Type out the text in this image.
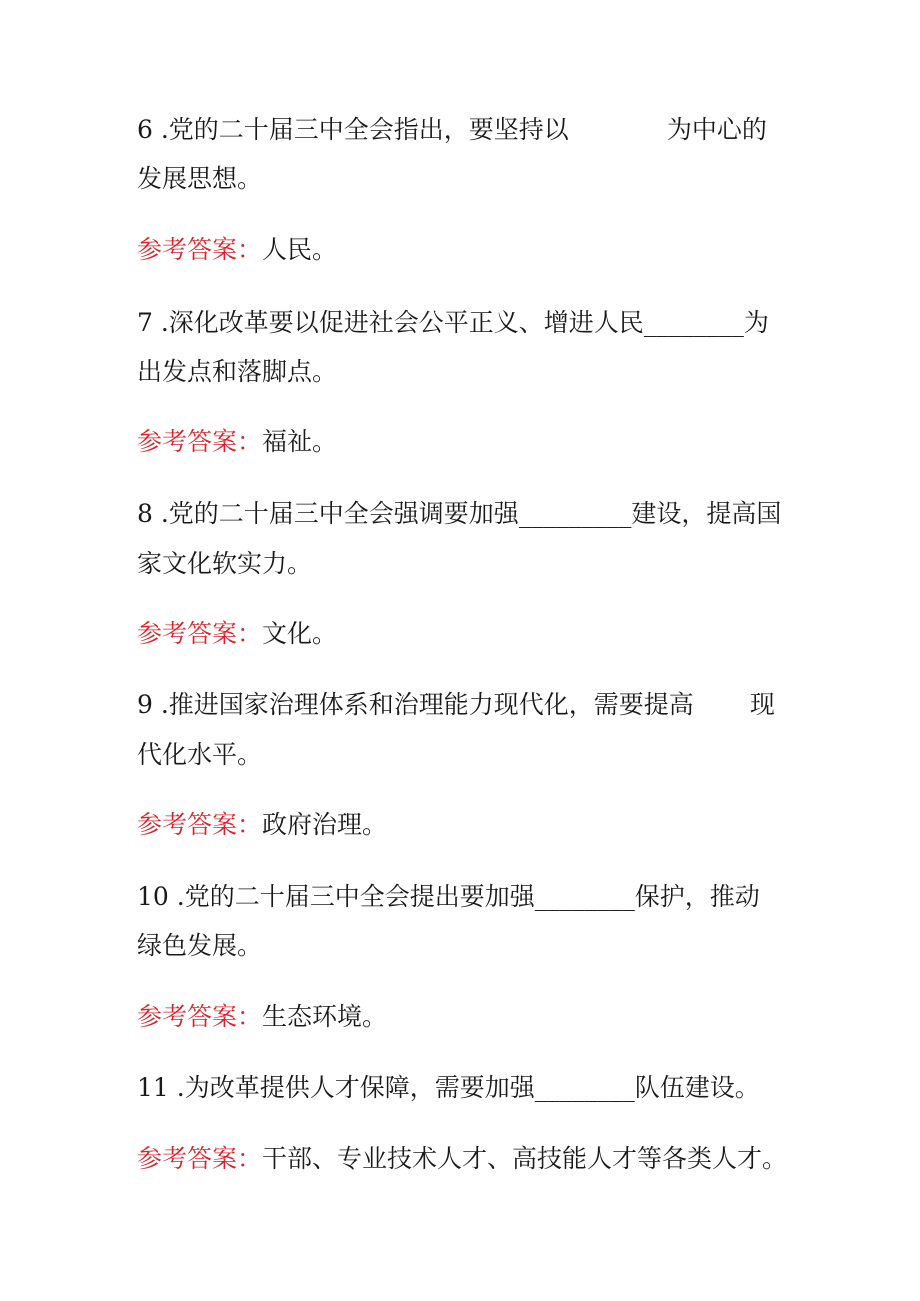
6 .党的二十届三中全会指出，要坚持以	为中心的
发展思想。
参考答案：人民。
7 .深化改革要以促进社会公平正义、增进人民________为
出发点和落脚点。
参考答案：福祉。
8 .党的二十届三中全会强调要加强_________建设，提高国
家文化软实力。
参考答案：文化。
9 .推进国家治理体系和治理能力现代化，需要提高 现
代化水平。
参考答案：政府治理。
10 .党的二十届三中全会提出要加强________保护，推动
绿色发展。
参考答案：生态环境。
11 .为改革提供人才保障，需要加强________队伍建设。
参考答案：干部、专业技术人才、高技能人才等各类人才。
